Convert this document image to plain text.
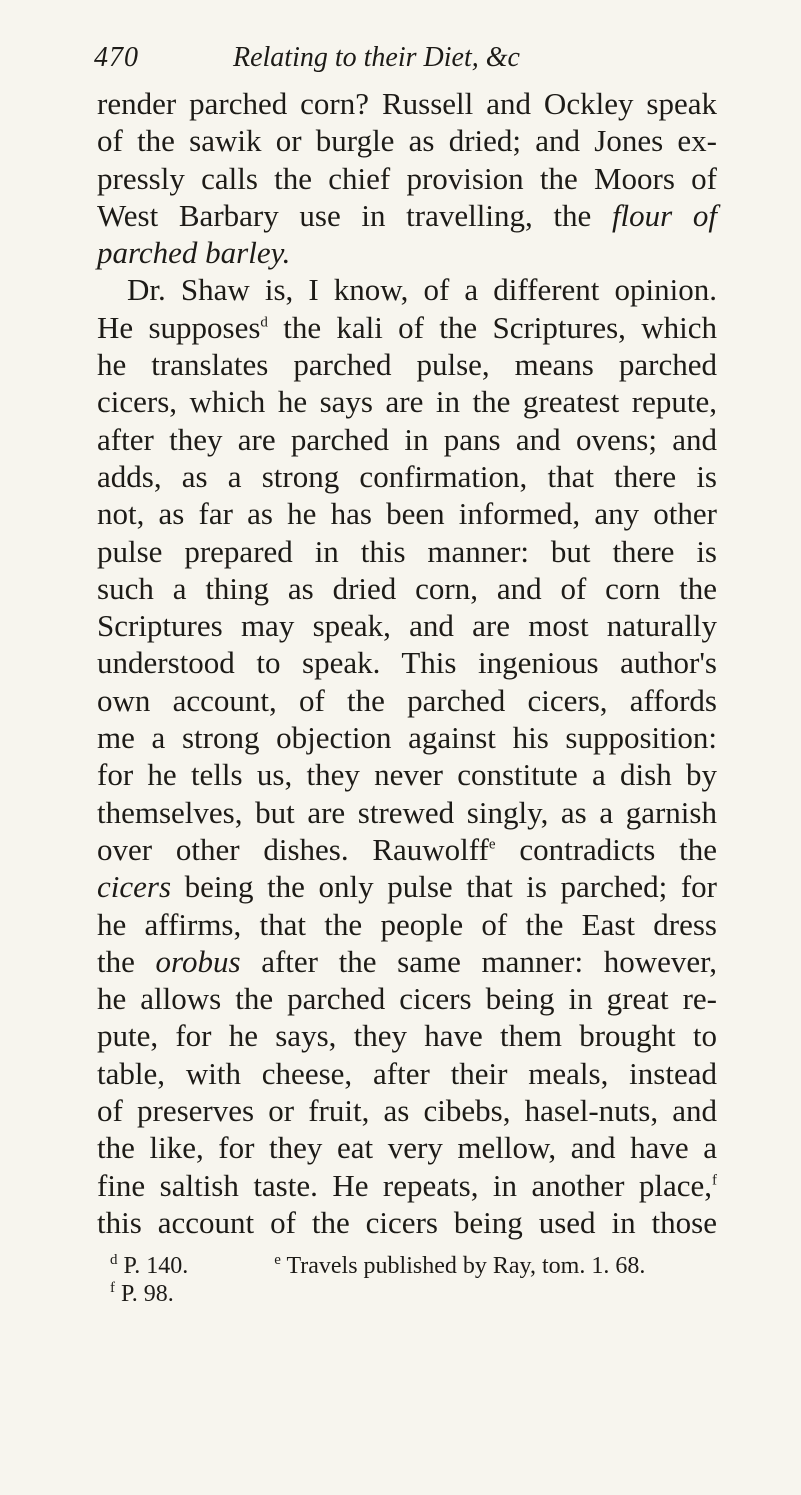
470	Relating to their Diet, &c
render parched corn? Russell and Ockley speak
of the sawik or burgle as dried; and Jones ex-
pressly calls the chief provision the Moors of
West Barbary use in travelling, the flour of
parched barley.
Dr. Shaw is, I know, of a different opinion.
He supposes$^d$ the kali of the Scriptures, which
he translates parched pulse, means parched
cicers, which he says are in the greatest repute,
after they are parched in pans and ovens; and
adds, as a strong confirmation, that there is
not, as far as he has been informed, any other
pulse prepared in this manner: but there is
such a thing as dried corn, and of corn the
Scriptures may speak, and are most naturally
understood to speak. This ingenious author's
own account, of the parched cicers, affords
me a strong objection against his supposition:
for he tells us, they never constitute a dish by
themselves, but are strewed singly, as a garnish
over other dishes. Rauwolff$^e$ contradicts the
cicers being the only pulse that is parched; for
he affirms, that the people of the East dress
the orobus after the same manner: however,
he allows the parched cicers being in great re-
pute, for he says, they have them brought to
table, with cheese, after their meals, instead
of preserves or fruit, as cibebs, hasel-nuts, and
the like, for they eat very mellow, and have a
fine saltish taste. He repeats, in another place,$^f$
this account of the cicers being used in those
$^d$ P. 140.	$^e$ Travels published by Ray, tom. 1. 68.
$^f$ P. 98.
